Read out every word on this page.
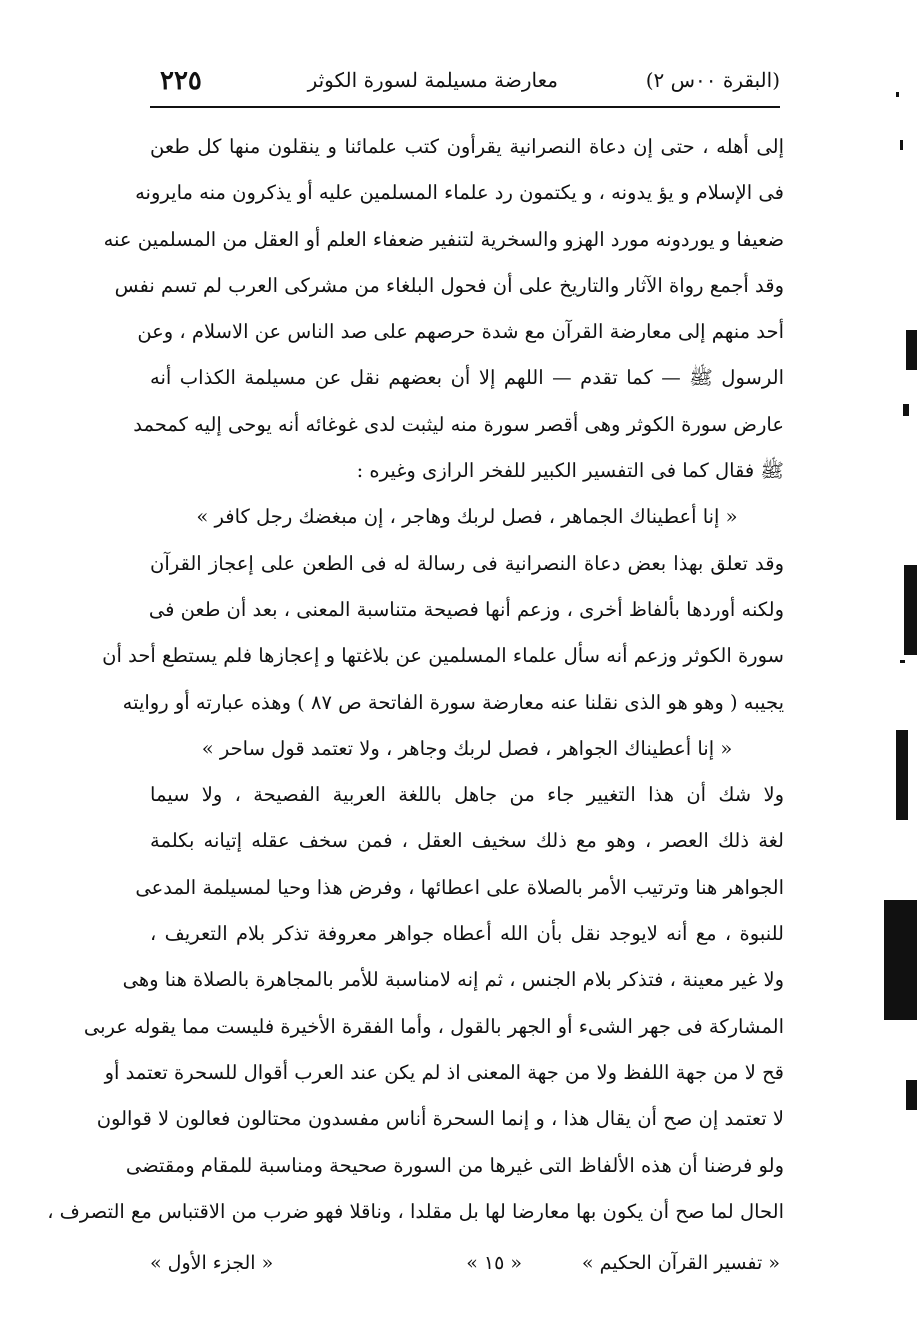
(البقرة ٠٠س ٢)
معارضة مسيلمة لسورة الكوثر
٢٢٥
إلى أهله ، حتى إن دعاة النصرانية يقرأون كتب علمائنا و ينقلون منها كل طعن
فى الإسلام و يؤ يدونه ، و يكتمون رد علماء المسلمين عليه أو يذكرون منه مايرونه
ضعيفا و يوردونه مورد الهزو والسخرية لتنفير ضعفاء العلم أو العقل من المسلمين عنه
وقد أجمع رواة الآثار والتاريخ على أن فحول البلغاء من مشركى العرب لم تسم نفس
أحد منهم إلى معارضة القرآن مع شدة حرصهم على صد الناس عن الاسلام ، وعن
الرسول ﷺ — كما تقدم — اللهم إلا أن بعضهم نقل عن مسيلمة الكذاب أنه
عارض سورة الكوثر وهى أقصر سورة منه ليثبت لدى غوغائه أنه يوحى إليه كمحمد
ﷺ فقال كما فى التفسير الكبير للفخر الرازى وغيره :
« إنا أعطيناك الجماهر ، فصل لربك وهاجر ، إن مبغضك رجل كافر »
وقد تعلق بهذا بعض دعاة النصرانية فى رسالة له فى الطعن على إعجاز القرآن
ولكنه أوردها بألفاظ أخرى ، وزعم أنها فصيحة متناسبة المعنى ، بعد أن طعن فى
سورة الكوثر وزعم أنه سأل علماء المسلمين عن بلاغتها و إعجازها فلم يستطع أحد أن
يجيبه ( وهو هو الذى نقلنا عنه معارضة سورة الفاتحة ص ٨٧ ) وهذه عبارته أو روايته
« إنا أعطيناك الجواهر ، فصل لربك وجاهر ، ولا تعتمد قول ساحر »
ولا شك أن هذا التغيير جاء من جاهل باللغة العربية الفصيحة ، ولا سيما
لغة ذلك العصر ، وهو مع ذلك سخيف العقل ، فمن سخف عقله إتيانه بكلمة
الجواهر هنا وترتيب الأمر بالصلاة على اعطائها ، وفرض هذا وحيا لمسيلمة المدعى
للنبوة ، مع أنه لايوجد نقل بأن الله أعطاه جواهر معروفة تذكر بلام التعريف ،
ولا غير معينة ، فتذكر بلام الجنس ، ثم إنه لامناسبة للأمر بالمجاهرة بالصلاة هنا وهى
المشاركة فى جهر الشىء أو الجهر بالقول ، وأما الفقرة الأخيرة فليست مما يقوله عربى
قح لا من جهة اللفظ ولا من جهة المعنى اذ لم يكن عند العرب أقوال للسحرة تعتمد أو
لا تعتمد إن صح أن يقال هذا ، و إنما السحرة أناس مفسدون محتالون فعالون لا قوالون
ولو فرضنا أن هذه الألفاظ التى غيرها من السورة صحيحة ومناسبة للمقام ومقتضى
الحال لما صح أن يكون بها معارضا لها بل مقلدا ، وناقلا فهو ضرب من الاقتباس مع التصرف ،
« تفسير القرآن الحكيم »
« ١٥ »
« الجزء الأول »
